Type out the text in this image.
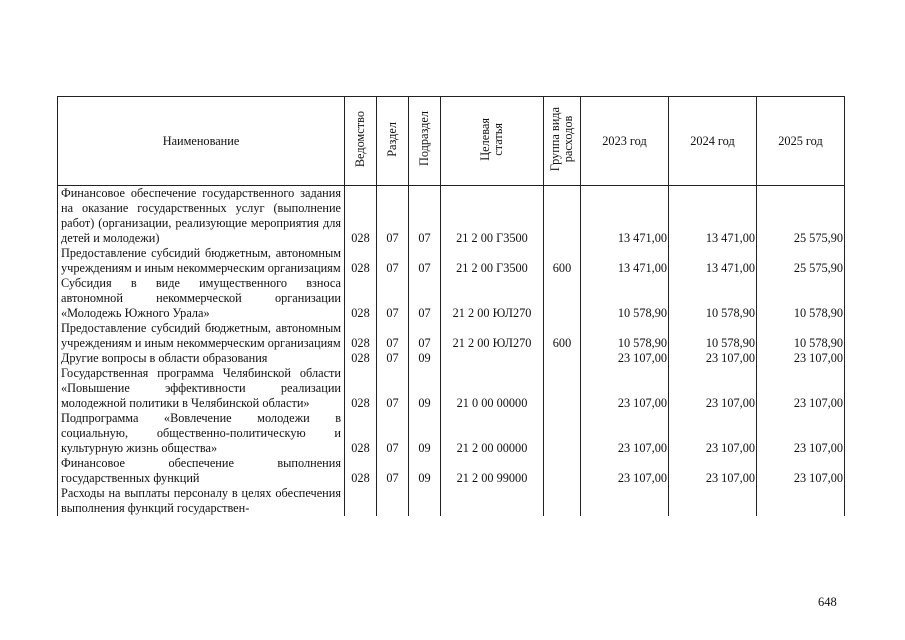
Наименование	Ведомство	Раздел	Подраздел	Целевая
статья	Группа вида
расходов	2023 год	2024 год	2025 год
Финансовое обеспечение государственного задания на оказание государственных услуг (выполнение работ) (организации, реализующие мероприятия для детей и молодежи)	028	07	07	21 2 00 Г3500		13 471,00	13 471,00	25 575,90
Предоставление субсидий бюджетным, автономным учреждениям и иным некоммерческим организациям	028	07	07	21 2 00 Г3500	600	13 471,00	13 471,00	25 575,90
Субсидия в виде имущественного взноса автономной некоммерческой организации «Молодежь Южного Урала»	028	07	07	21 2 00 ЮЛ270		10 578,90	10 578,90	10 578,90
Предоставление субсидий бюджетным, автономным учреждениям и иным некоммерческим организациям	028	07	07	21 2 00 ЮЛ270	600	10 578,90	10 578,90	10 578,90
Другие вопросы в области образования	028	07	09			23 107,00	23 107,00	23 107,00
Государственная программа Челябинской области «Повышение эффективности реализации молодежной политики в Челябинской области»	028	07	09	21 0 00 00000		23 107,00	23 107,00	23 107,00
Подпрограмма «Вовлечение молодежи в социальную, общественно-политическую и культурную жизнь общества»	028	07	09	21 2 00 00000		23 107,00	23 107,00	23 107,00
Финансовое обеспечение выполнения государственных функций	028	07	09	21 2 00 99000		23 107,00	23 107,00	23 107,00
Расходы на выплаты персоналу в целях обеспечения выполнения функций государствен-								
648
